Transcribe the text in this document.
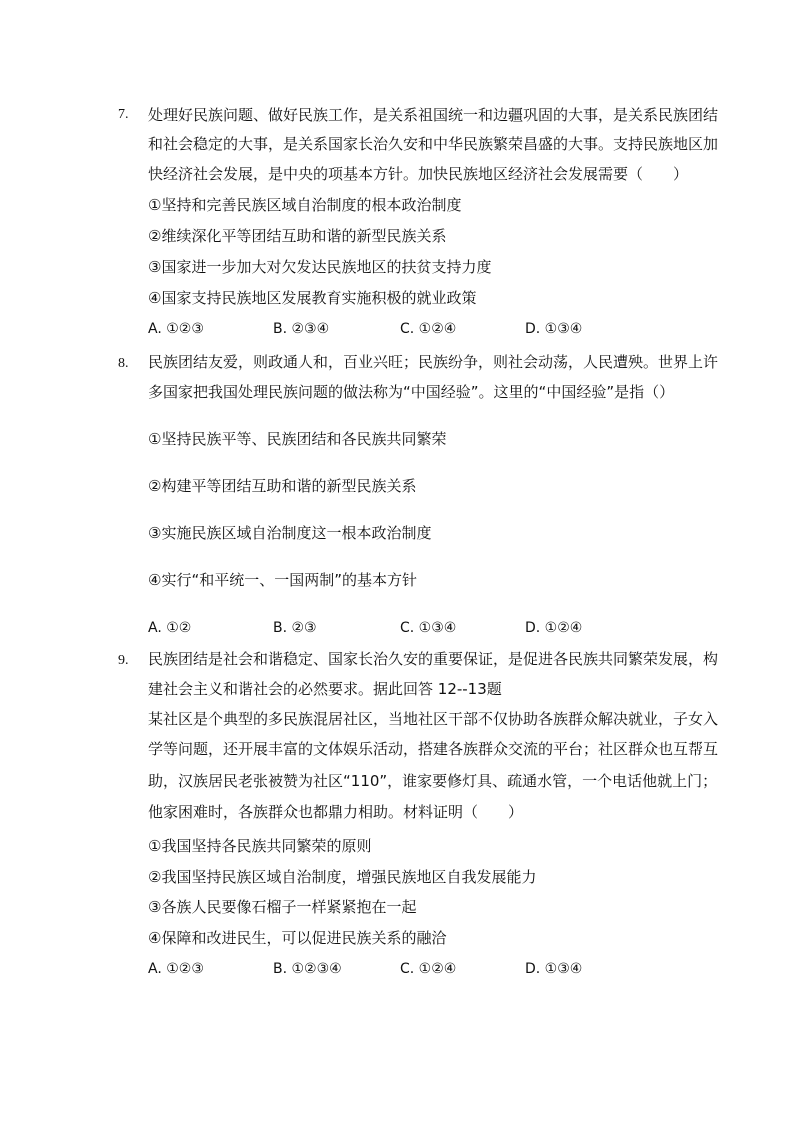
7. 处理好民族问题、做好民族工作，是关系祖国统一和边疆巩固的大事，是关系民族团结
和社会稳定的大事，是关系国家长治久安和中华民族繁荣昌盛的大事。支持民族地区加
快经济社会发展，是中央的项基本方针。加快民族地区经济社会发展需要（　　）
①坚持和完善民族区域自治制度的根本政治制度
②维续深化平等团结互助和谐的新型民族关系
③国家进一步加大对欠发达民族地区的扶贫支持力度
④国家支持民族地区发展教育实施积极的就业政策
A. ①②③	B. ②③④	C. ①②④	D. ①③④
8. 民族团结友爱，则政通人和，百业兴旺；民族纷争，则社会动荡，人民遭殃。世界上许
多国家把我国处理民族问题的做法称为“中国经验”。这里的“中国经验”是指（）
①坚持民族平等、民族团结和各民族共同繁荣
②构建平等团结互助和谐的新型民族关系
③实施民族区域自治制度这一根本政治制度
④实行“和平统一、一国两制”的基本方针
A. ①②	B. ②③	C. ①③④	D. ①②④
9. 民族团结是社会和谐稳定、国家长治久安的重要保证，是促进各民族共同繁荣发展，构
建社会主义和谐社会的必然要求。据此回答 12--13题
某社区是个典型的多民族混居社区，当地社区干部不仅协助各族群众解决就业，子女入
学等问题，还开展丰富的文体娱乐活动，搭建各族群众交流的平台；社区群众也互帮互
助，汉族居民老张被赞为社区“110”，谁家要修灯具、疏通水管，一个电话他就上门；
他家困难时，各族群众也都鼎力相助。材料证明（　　）
①我国坚持各民族共同繁荣的原则
②我国坚持民族区域自治制度，增强民族地区自我发展能力
③各族人民要像石榴子一样紧紧抱在一起
④保障和改进民生，可以促进民族关系的融洽
A. ①②③	B. ①②③④	C. ①②④	D. ①③④
